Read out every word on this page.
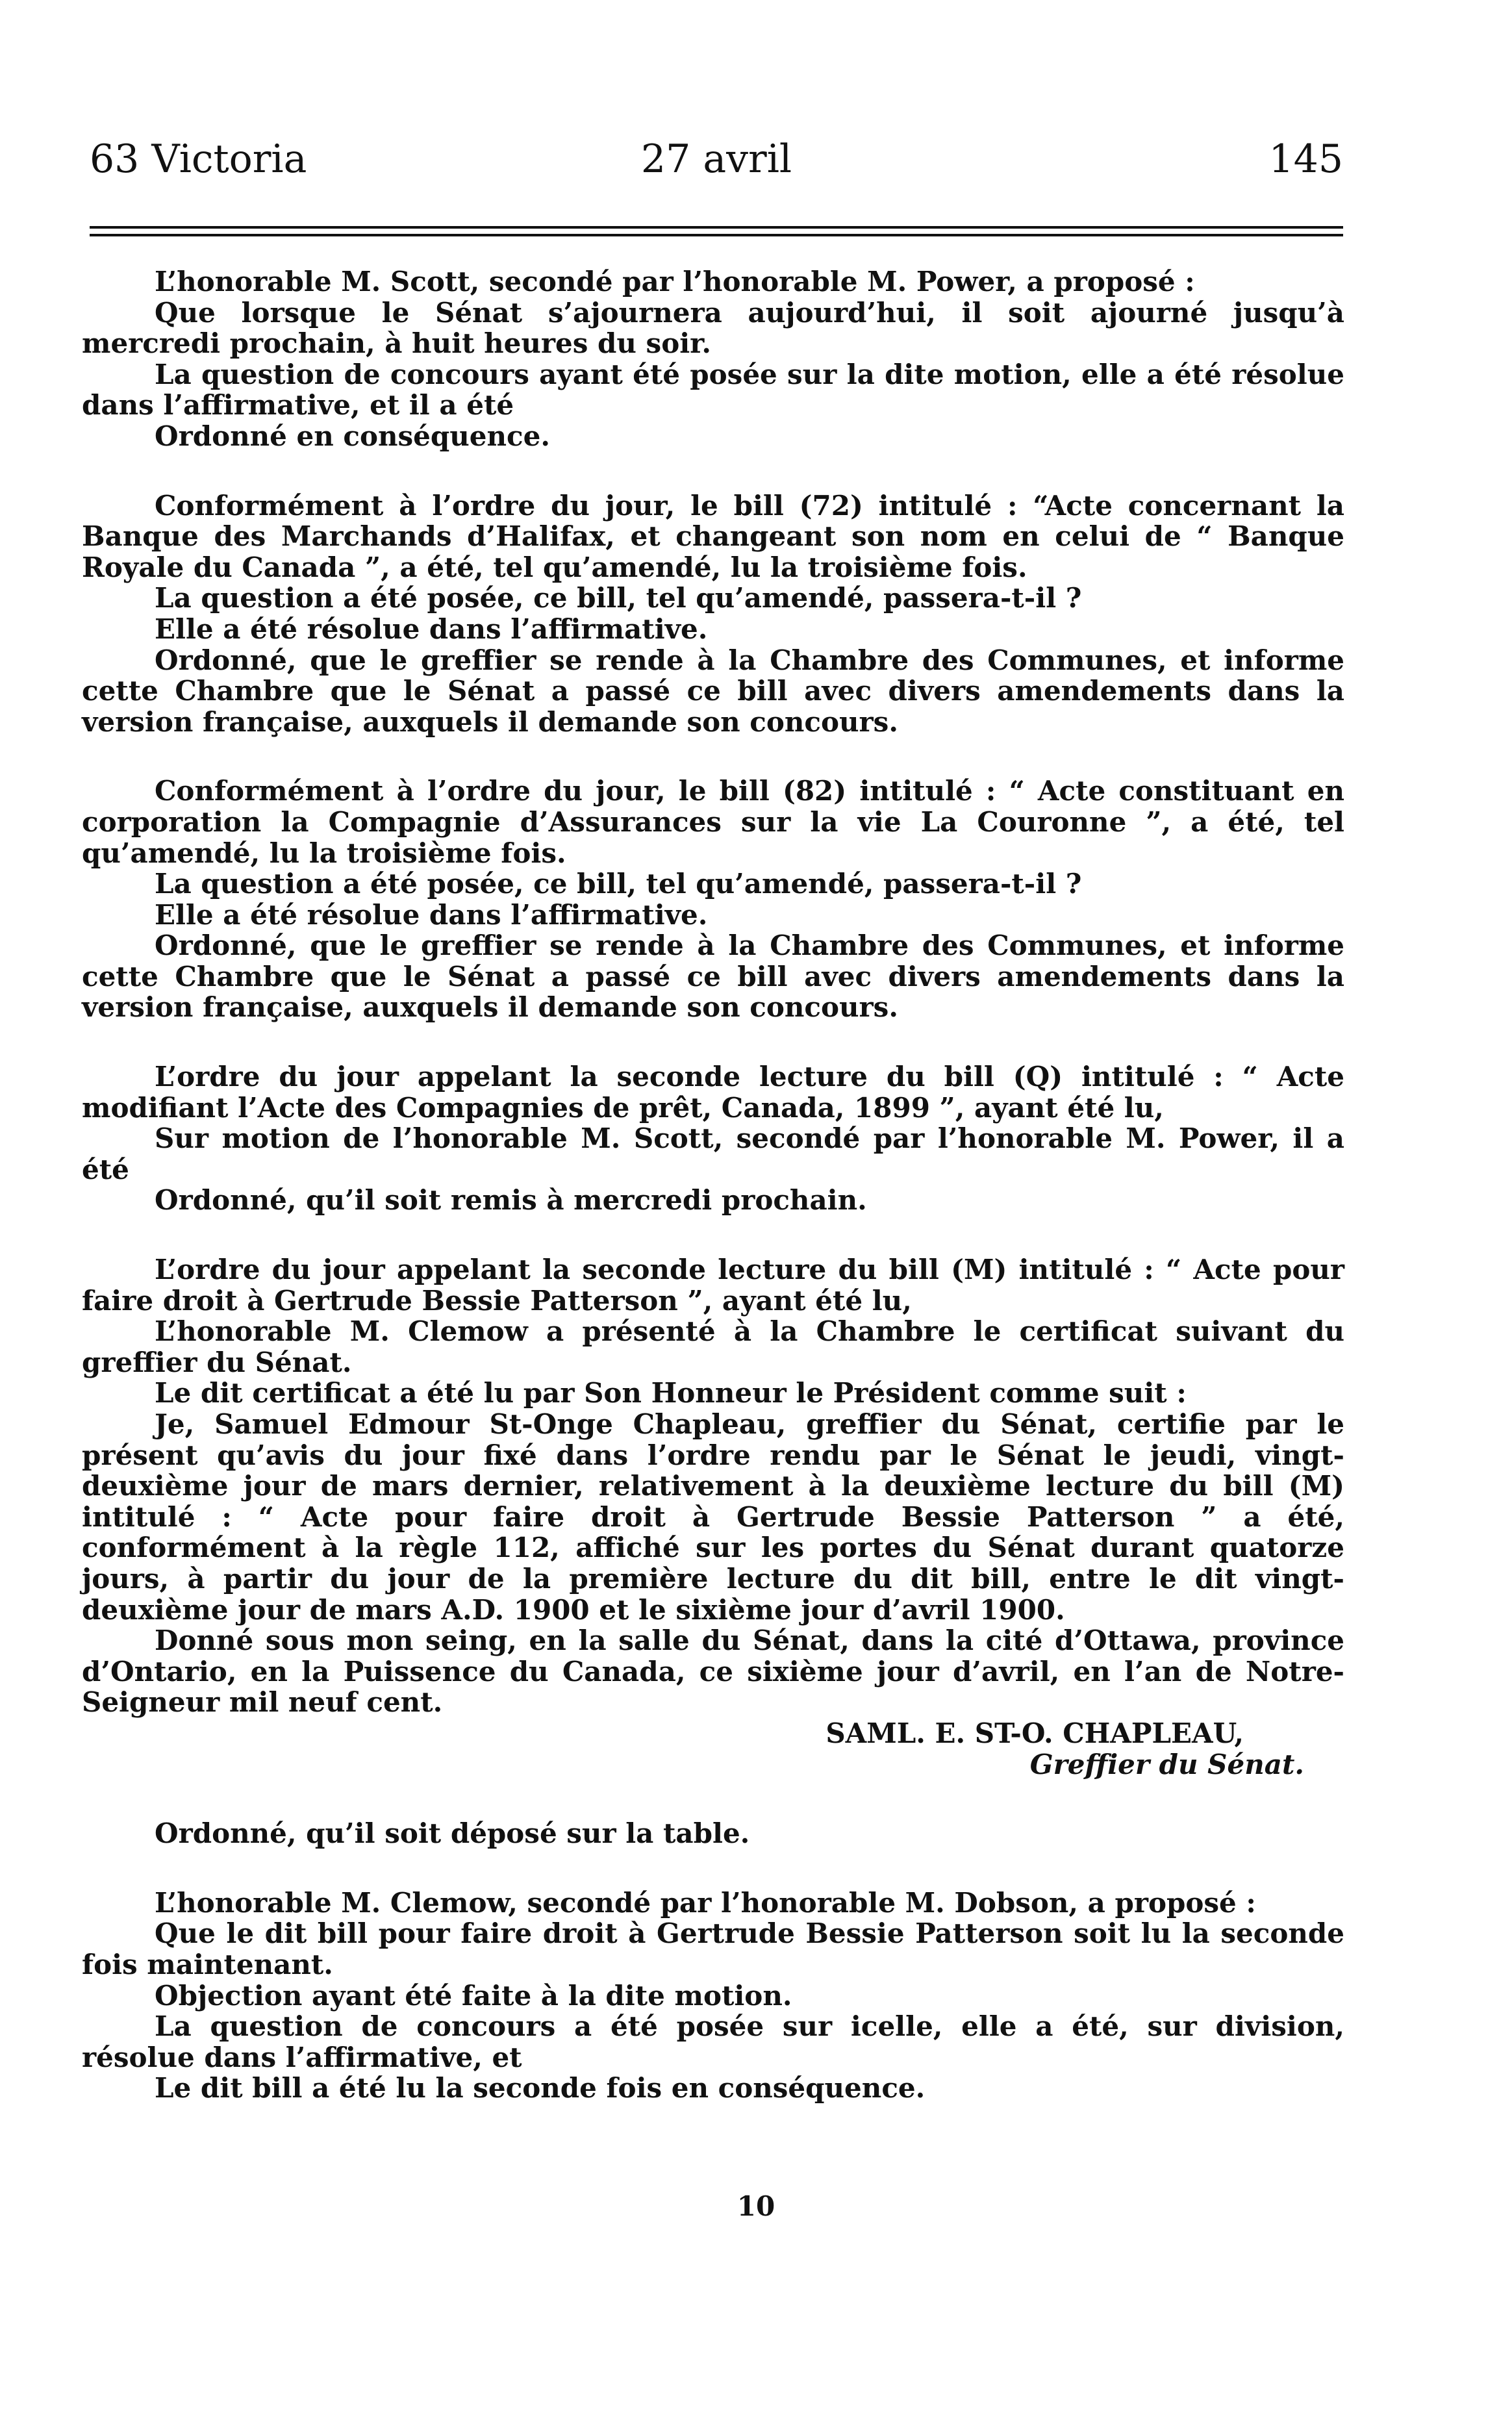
63 Victoria	27 avril	145

L’honorable M. Scott, secondé par l’honorable M. Power, a proposé :

Que lorsque le Sénat s’ajournera aujourd’hui, il soit ajourné jusqu’à mercredi prochain, à huit heures du soir.

La question de concours ayant été posée sur la dite motion, elle a été résolue dans l’affirmative, et il a été

Ordonné en conséquence.

Conformément à l’ordre du jour, le bill (72) intitulé : “Acte concernant la Banque des Marchands d’Halifax, et changeant son nom en celui de “ Banque Royale du Canada ”, a été, tel qu’amendé, lu la troisième fois.

La question a été posée, ce bill, tel qu’amendé, passera-t-il ?

Elle a été résolue dans l’affirmative.

Ordonné, que le greffier se rende à la Chambre des Communes, et informe cette Chambre que le Sénat a passé ce bill avec divers amendements dans la version française, auxquels il demande son concours.

Conformément à l’ordre du jour, le bill (82) intitulé : “ Acte constituant en corporation la Compagnie d’Assurances sur la vie La Couronne ”, a été, tel qu’amendé, lu la troisième fois.

La question a été posée, ce bill, tel qu’amendé, passera-t-il ?

Elle a été résolue dans l’affirmative.

Ordonné, que le greffier se rende à la Chambre des Communes, et informe cette Chambre que le Sénat a passé ce bill avec divers amendements dans la version française, auxquels il demande son concours.

L’ordre du jour appelant la seconde lecture du bill (Q) intitulé : “ Acte modifiant l’Acte des Compagnies de prêt, Canada, 1899 ”, ayant été lu,

Sur motion de l’honorable M. Scott, secondé par l’honorable M. Power, il a été

Ordonné, qu’il soit remis à mercredi prochain.

L’ordre du jour appelant la seconde lecture du bill (M) intitulé : “ Acte pour faire droit à Gertrude Bessie Patterson ”, ayant été lu,

L’honorable M. Clemow a présenté à la Chambre le certificat suivant du greffier du Sénat.

Le dit certificat a été lu par Son Honneur le Président comme suit :

Je, Samuel Edmour St-Onge Chapleau, greffier du Sénat, certifie par le présent qu’avis du jour fixé dans l’ordre rendu par le Sénat le jeudi, vingt-deuxième jour de mars dernier, relativement à la deuxième lecture du bill (M) intitulé : “ Acte pour faire droit à Gertrude Bessie Patterson ” a été, conformément à la règle 112, affiché sur les portes du Sénat durant quatorze jours, à partir du jour de la première lecture du dit bill, entre le dit vingt-deuxième jour de mars A.D. 1900 et le sixième jour d’avril 1900.

Donné sous mon seing, en la salle du Sénat, dans la cité d’Ottawa, province d’Ontario, en la Puissence du Canada, ce sixième jour d’avril, en l’an de Notre-Seigneur mil neuf cent.

SAML. E. ST-O. CHAPLEAU,
Greffier du Sénat.

Ordonné, qu’il soit déposé sur la table.

L’honorable M. Clemow, secondé par l’honorable M. Dobson, a proposé :

Que le dit bill pour faire droit à Gertrude Bessie Patterson soit lu la seconde fois maintenant.

Objection ayant été faite à la dite motion.

La question de concours a été posée sur icelle, elle a été, sur division, résolue dans l’affirmative, et

Le dit bill a été lu la seconde fois en conséquence.

10
